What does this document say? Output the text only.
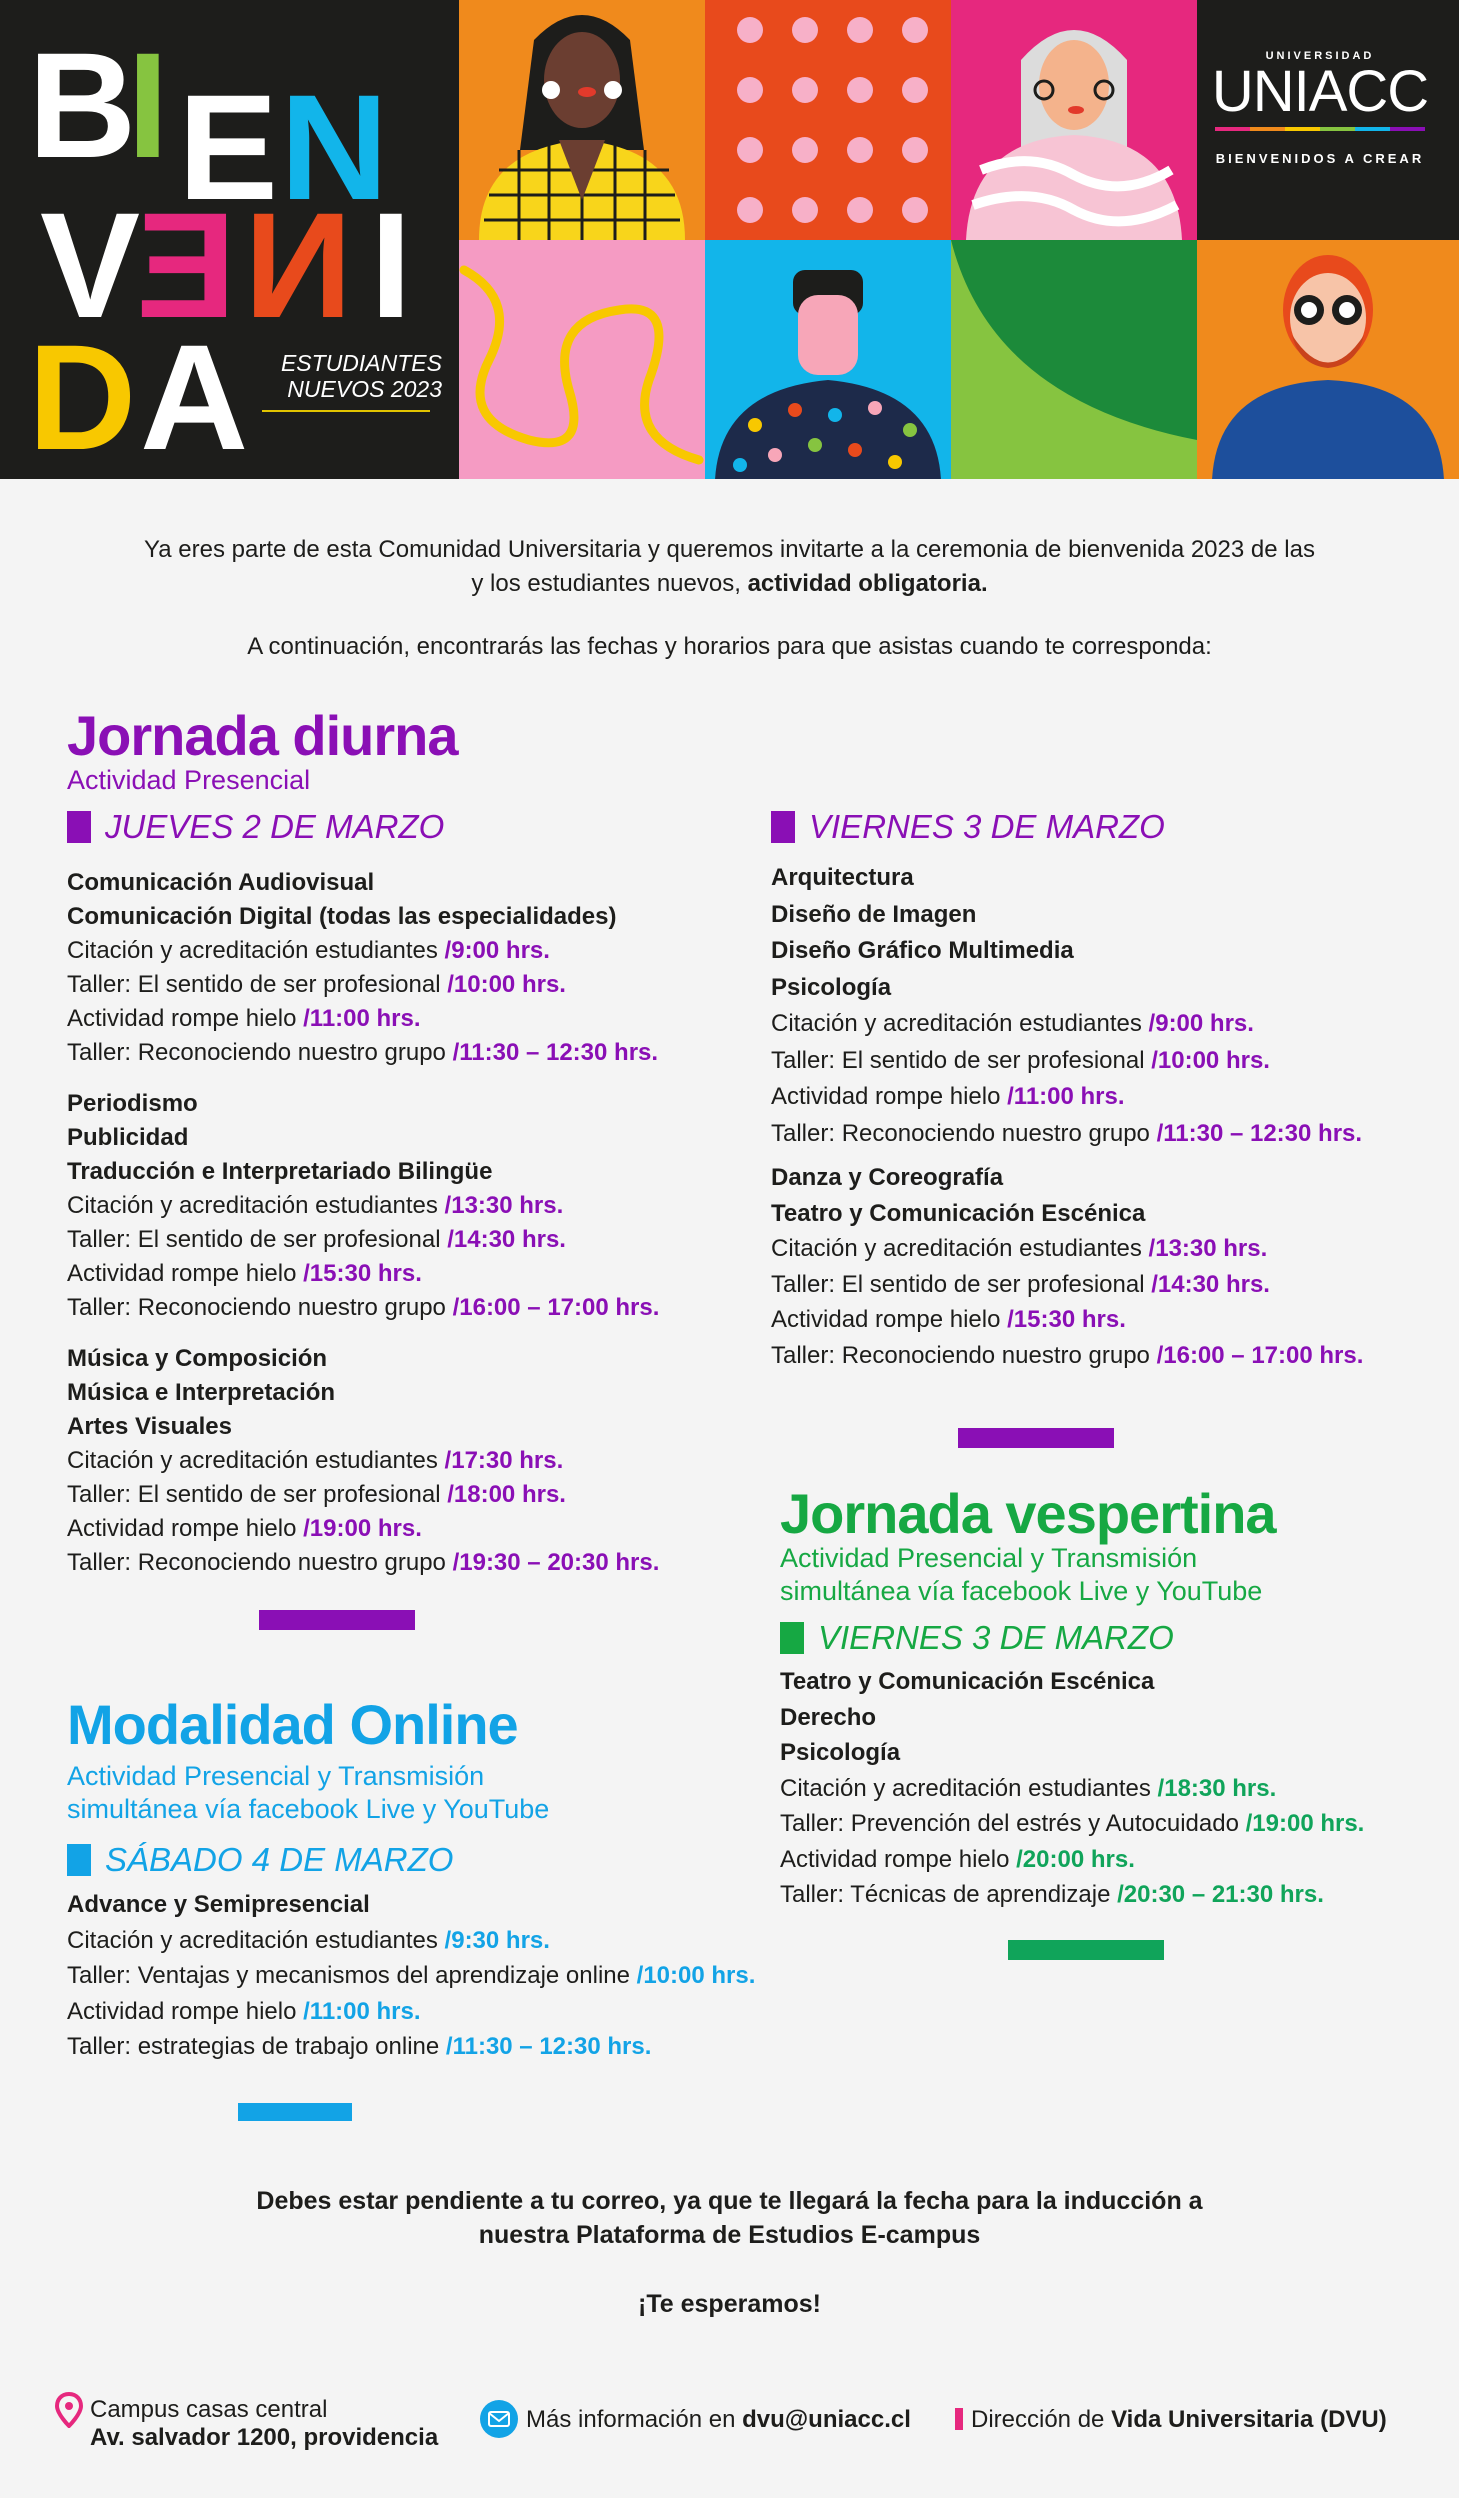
B
I E N
V E N I
D A	ESTUDIANTES
NUEVOS 2023
UNIVERSIDAD
UNIACC
BIENVENIDOS A CREAR
Ya eres parte de esta Comunidad Universitaria y queremos invitarte a la ceremonia de bienvenida 2023 de las
y los estudiantes nuevos, actividad obligatoria.
A continuación, encontrarás las fechas y horarios para que asistas cuando te corresponda:
Jornada diurna
Actividad Presencial
JUEVES 2 DE MARZO	VIERNES 3 DE MARZO
Comunicación Audiovisual
Comunicación Digital (todas las especialidades)
Citación y acreditación estudiantes /9:00 hrs.
Taller: El sentido de ser profesional /10:00 hrs.
Actividad rompe hielo /11:00 hrs.
Taller: Reconociendo nuestro grupo /11:30 – 12:30 hrs.
Periodismo
Publicidad
Traducción e Interpretariado Bilingüe
Citación y acreditación estudiantes /13:30 hrs.
Taller: El sentido de ser profesional /14:30 hrs.
Actividad rompe hielo /15:30 hrs.
Taller: Reconociendo nuestro grupo /16:00 – 17:00 hrs.
Música y Composición
Música e Interpretación
Artes Visuales
Citación y acreditación estudiantes /17:30 hrs.
Taller: El sentido de ser profesional /18:00 hrs.
Actividad rompe hielo /19:00 hrs.
Taller: Reconociendo nuestro grupo /19:30 – 20:30 hrs.
Arquitectura
Diseño de Imagen
Diseño Gráfico Multimedia
Psicología
Citación y acreditación estudiantes /9:00 hrs.
Taller: El sentido de ser profesional /10:00 hrs.
Actividad rompe hielo /11:00 hrs.
Taller: Reconociendo nuestro grupo /11:30 – 12:30 hrs.
Danza y Coreografía
Teatro y Comunicación Escénica
Citación y acreditación estudiantes /13:30 hrs.
Taller: El sentido de ser profesional /14:30 hrs.
Actividad rompe hielo /15:30 hrs.
Taller: Reconociendo nuestro grupo /16:00 – 17:00 hrs.
Jornada vespertina
Actividad Presencial y Transmisión
simultánea vía facebook Live y YouTube
VIERNES 3 DE MARZO
Teatro y Comunicación Escénica
Derecho
Psicología
Citación y acreditación estudiantes /18:30 hrs.
Taller: Prevención del estrés y Autocuidado /19:00 hrs.
Actividad rompe hielo /20:00 hrs.
Taller: Técnicas de aprendizaje /20:30 – 21:30 hrs.
Modalidad Online
Actividad Presencial y Transmisión
simultánea vía facebook Live y YouTube
SÁBADO 4 DE MARZO
Advance y Semipresencial
Citación y acreditación estudiantes /9:30 hrs.
Taller: Ventajas y mecanismos del aprendizaje online /10:00 hrs.
Actividad rompe hielo /11:00 hrs.
Taller: estrategias de trabajo online /11:30 – 12:30 hrs.
Debes estar pendiente a tu correo, ya que te llegará la fecha para la inducción a
nuestra Plataforma de Estudios E-campus
¡Te esperamos!
Campus casas central
Av. salvador 1200, providencia
Más información en dvu@uniacc.cl	Dirección de Vida Universitaria (DVU)
